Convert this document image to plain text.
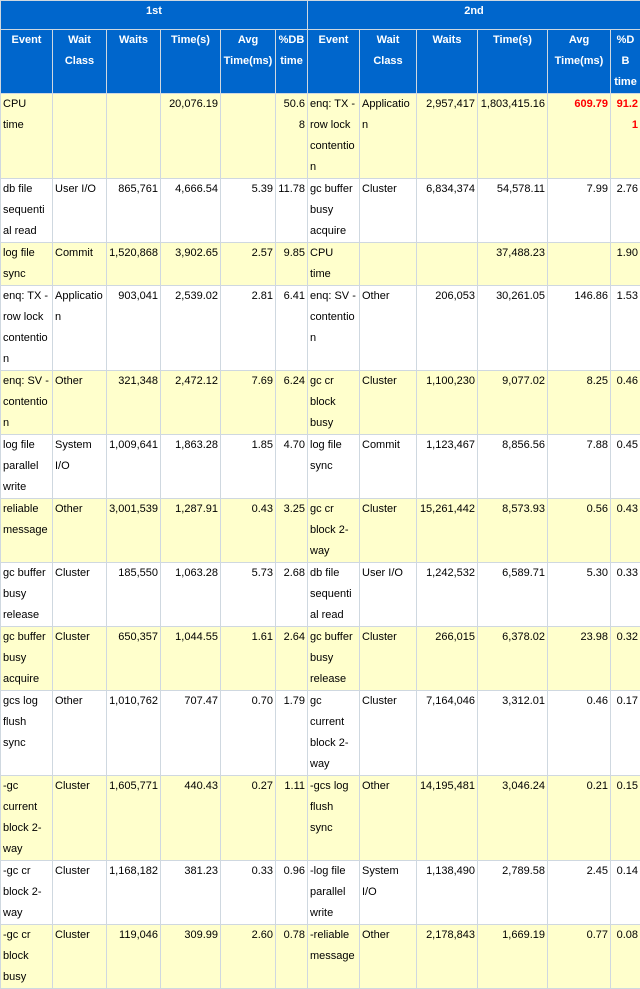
1st						2nd					
Event	Wait Class	Waits	Time(s)	Avg Time(ms)	%DB time	Event	Wait Class	Waits	Time(s)	Avg Time(ms)	%DB time
CPU time			20,076.19		50.68	enq: TX - row lock contention	Application	2,957,417	1,803,415.16	609.79	91.21
db file sequential read	User I/O	865,761	4,666.54	5.39	11.78	gc buffer busy acquire	Cluster	6,834,374	54,578.11	7.99	2.76
log file sync	Commit	1,520,868	3,902.65	2.57	9.85	CPU time			37,488.23		1.90
enq: TX - row lock contention	Application	903,041	2,539.02	2.81	6.41	enq: SV - contention	Other	206,053	30,261.05	146.86	1.53
enq: SV - contention	Other	321,348	2,472.12	7.69	6.24	gc cr block busy	Cluster	1,100,230	9,077.02	8.25	0.46
log file parallel write	System I/O	1,009,641	1,863.28	1.85	4.70	log file sync	Commit	1,123,467	8,856.56	7.88	0.45
reliable message	Other	3,001,539	1,287.91	0.43	3.25	gc cr block 2-way	Cluster	15,261,442	8,573.93	0.56	0.43
gc buffer busy release	Cluster	185,550	1,063.28	5.73	2.68	db file sequential read	User I/O	1,242,532	6,589.71	5.30	0.33
gc buffer busy acquire	Cluster	650,357	1,044.55	1.61	2.64	gc buffer busy release	Cluster	266,015	6,378.02	23.98	0.32
gcs log flush sync	Other	1,010,762	707.47	0.70	1.79	gc current block 2-way	Cluster	7,164,046	3,312.01	0.46	0.17
-gc current block 2-way	Cluster	1,605,771	440.43	0.27	1.11	-gcs log flush sync	Other	14,195,481	3,046.24	0.21	0.15
-gc cr block 2-way	Cluster	1,168,182	381.23	0.33	0.96	-log file parallel write	System I/O	1,138,490	2,789.58	2.45	0.14
-gc cr block busy	Cluster	119,046	309.99	2.60	0.78	-reliable message	Other	2,178,843	1,669.19	0.77	0.08
